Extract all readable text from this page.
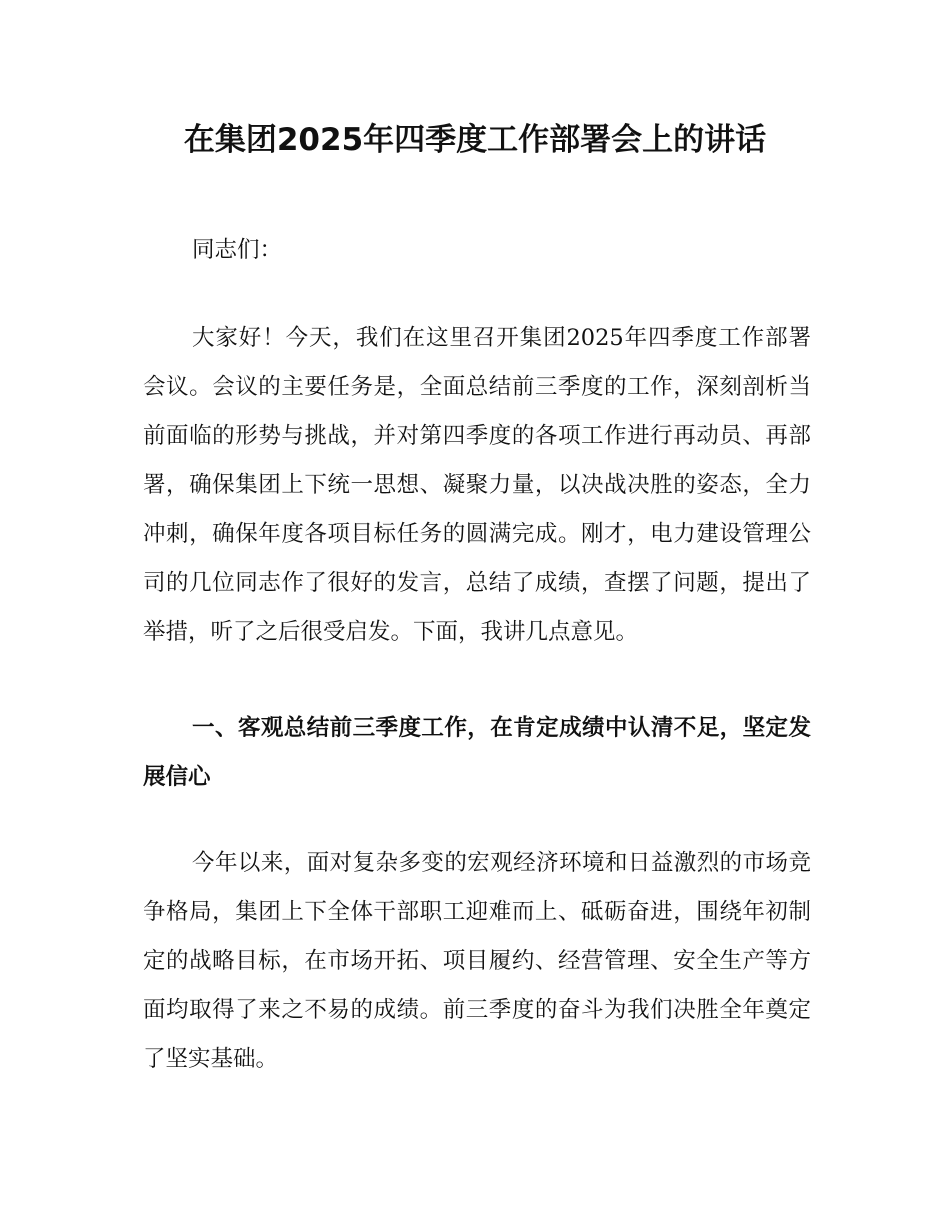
在集团2025年四季度工作部署会上的讲话

同志们：

大家好！今天，我们在这里召开集团2025年四季度工作部署会议。会议的主要任务是，全面总结前三季度的工作，深刻剖析当前面临的形势与挑战，并对第四季度的各项工作进行再动员、再部署，确保集团上下统一思想、凝聚力量，以决战决胜的姿态，全力冲刺，确保年度各项目标任务的圆满完成。刚才，电力建设管理公司的几位同志作了很好的发言，总结了成绩，查摆了问题，提出了举措，听了之后很受启发。下面，我讲几点意见。

一、客观总结前三季度工作，在肯定成绩中认清不足，坚定发展信心

今年以来，面对复杂多变的宏观经济环境和日益激烈的市场竞争格局，集团上下全体干部职工迎难而上、砥砺奋进，围绕年初制定的战略目标，在市场开拓、项目履约、经营管理、安全生产等方面均取得了来之不易的成绩。前三季度的奋斗为我们决胜全年奠定了坚实基础。
